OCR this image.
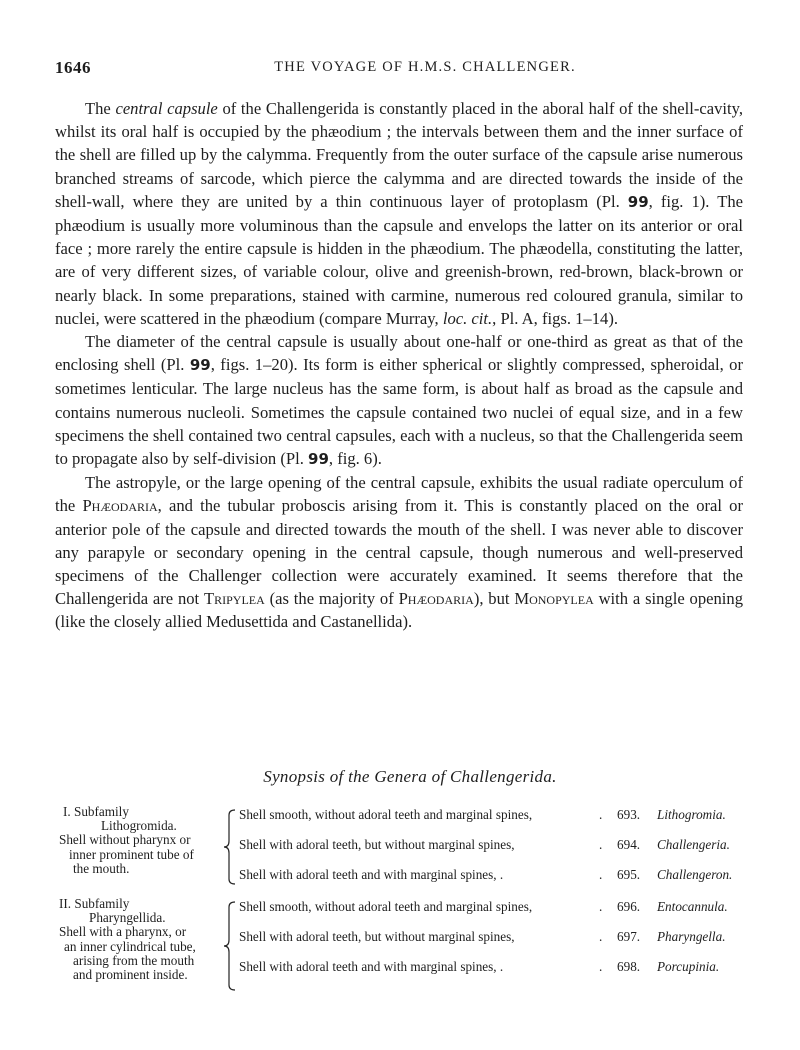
1646	THE VOYAGE OF H.M.S. CHALLENGER.

The central capsule of the Challengerida is constantly placed in the aboral half of the shell-cavity, whilst its oral half is occupied by the phæodium ; the intervals between them and the inner surface of the shell are filled up by the calymma. Frequently from the outer surface of the capsule arise numerous branched streams of sarcode, which pierce the calymma and are directed towards the inside of the shell-wall, where they are united by a thin continuous layer of protoplasm (Pl. 99, fig. 1). The phæodium is usually more voluminous than the capsule and envelops the latter on its anterior or oral face ; more rarely the entire capsule is hidden in the phæodium. The phæodella, constituting the latter, are of very different sizes, of variable colour, olive and greenish-brown, red-brown, black-brown or nearly black. In some preparations, stained with carmine, numerous red coloured granula, similar to nuclei, were scattered in the phæodium (compare Murray, loc. cit., Pl. A, figs. 1–14).

The diameter of the central capsule is usually about one-half or one-third as great as that of the enclosing shell (Pl. 99, figs. 1–20). Its form is either spherical or slightly compressed, spheroidal, or sometimes lenticular. The large nucleus has the same form, is about half as broad as the capsule and contains numerous nucleoli. Sometimes the capsule contained two nuclei of equal size, and in a few specimens the shell contained two central capsules, each with a nucleus, so that the Challengerida seem to propagate also by self-division (Pl. 99, fig. 6).

The astropyle, or the large opening of the central capsule, exhibits the usual radiate operculum of the Phæodaria, and the tubular proboscis arising from it. This is constantly placed on the oral or anterior pole of the capsule and directed towards the mouth of the shell. I was never able to discover any parapyle or secondary opening in the central capsule, though numerous and well-preserved specimens of the Challenger collection were accurately examined. It seems therefore that the Challengerida are not Tripylea (as the majority of Phæodaria), but Monopylea with a single opening (like the closely allied Medusettida and Castanellida).

Synopsis of the Genera of Challengerida.
I. Subfamily
Lithogromida.
Shell without pharynx or
inner prominent tube of
the mouth.
Shell smooth, without adoral teeth and marginal spines,	. 693. Lithogromia.
Shell with adoral teeth, but without marginal spines,	. 694. Challengeria.
Shell with adoral teeth and with marginal spines, .	. 695. Challengeron.
II. Subfamily
Pharyngellida.
Shell with a pharynx, or
an inner cylindrical tube,
arising from the mouth
and prominent inside.
Shell smooth, without adoral teeth and marginal spines,	. 696. Entocannula.
Shell with adoral teeth, but without marginal spines,	. 697. Pharyngella.
Shell with adoral teeth and with marginal spines, .	. 698. Porcupinia.
